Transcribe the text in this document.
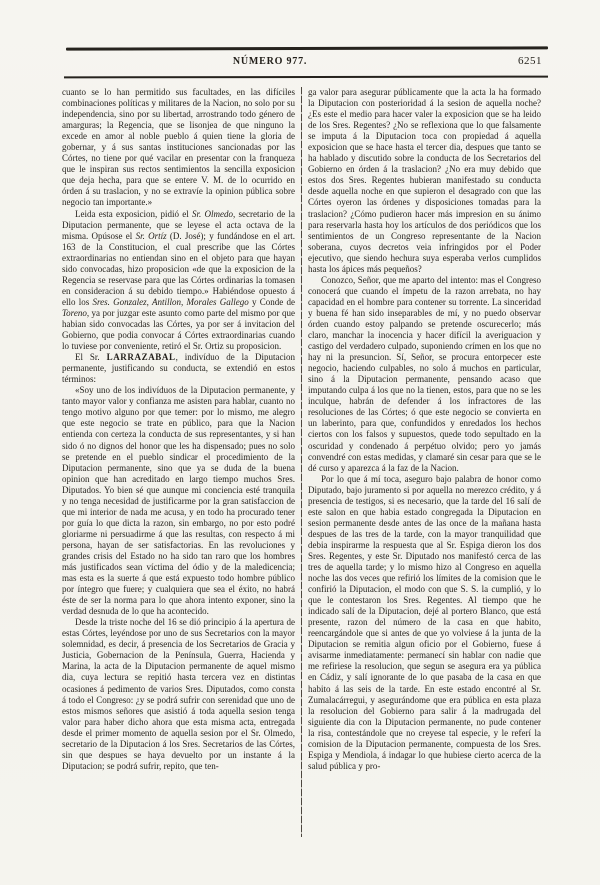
NÚMERO 977.	6251

cuanto se lo han permitido sus facultades, en las difíciles combinaciones políticas y militares de la Nacion, no solo por su independencia, sino por su libertad, arrostrando todo género de amarguras; la Regencia, que se lisonjea de que ninguno la excede en amor al noble pueblo á quien tiene la gloria de gobernar, y á sus santas instituciones sancionadas por las Córtes, no tiene por qué vacilar en presentar con la franqueza que le inspiran sus rectos sentimientos la sencilla exposicion que deja hecha, para que se entere V. M. de lo ocurrido en órden á su traslacion, y no se extravíe la opinion pública sobre negocio tan importante.»

Leida esta exposicion, pidió el Sr. Olmedo, secretario de la Diputacion permanente, que se leyese el acta octava de la misma. Opúsose el Sr. Ortíz (D. José); y fundándose en el art. 163 de la Constitucion, el cual prescribe que las Córtes extraordinarias no entiendan sino en el objeto para que hayan sido convocadas, hizo proposicion «de que la exposicion de la Regencia se reservase para que las Córtes ordinarias la tomasen en consideracion á su debido tiempo.» Habiéndose opuesto á ello los Sres. Gonzalez, Antillon, Morales Gallego y Conde de Toreno, ya por juzgar este asunto como parte del mismo por que habian sido convocadas las Córtes, ya por ser á invitacion del Gobierno, que podia convocar á Córtes extraordinarias cuando lo tuviese por conveniente, retiró el Sr. Ortiz su proposicion.

El Sr. LARRAZABAL, indivíduo de la Diputacion permanente, justificando su conducta, se extendió en estos términos:

«Soy uno de los indivíduos de la Diputacion permanente, y tanto mayor valor y confianza me asisten para hablar, cuanto no tengo motivo alguno por que temer: por lo mismo, me alegro que este negocio se trate en público, para que la Nacion entienda con certeza la conducta de sus representantes, y si han sido ó no dignos del honor que les ha dispensado; pues no solo se pretende en el pueblo sindicar el procedimiento de la Diputacion permanente, sino que ya se duda de la buena opinion que han acreditado en largo tiempo muchos Sres. Diputados. Yo bien sé que aunque mi conciencia esté tranquila y no tenga necesidad de justificarme por la gran satisfaccion de que mi interior de nada me acusa, y en todo ha procurado tener por guía lo que dicta la razon, sin embargo, no por esto podré gloriarme ni persuadirme á que las resultas, con respecto á mi persona, hayan de ser satisfactorias. En las revoluciones y grandes crisis del Estado no ha sido tan raro que los hombres más justificados sean víctima del ódio y de la maledicencia; mas esta es la suerte á que está expuesto todo hombre público por íntegro que fuere; y cualquiera que sea el éxito, no habrá éste de ser la norma para lo que ahora intento exponer, sino la verdad desnuda de lo que ha acontecido.

Desde la triste noche del 16 se dió principio á la apertura de estas Córtes, leyéndose por uno de sus Secretarios con la mayor solemnidad, es decir, á presencia de los Secretarios de Gracia y Justicia, Gobernacion de la Península, Guerra, Hacienda y Marina, la acta de la Diputacion permanente de aquel mismo dia, cuya lectura se repitió hasta tercera vez en distintas ocasiones á pedimento de varios Sres. Diputados, como consta á todo el Congreso: ¿y se podrá sufrir con serenidad que uno de estos mismos señores que asistió á toda aquella sesion tenga valor para haber dicho ahora que esta misma acta, entregada desde el primer momento de aquella sesion por el Sr. Olmedo, secretario de la Diputacion á los Sres. Secretarios de las Córtes, sin que despues se haya devuelto por un instante á la Diputacion; se podrá sufrir, repito, que ten-

ga valor para asegurar públicamente que la acta la ha formado la Diputacion con posterioridad á la sesion de aquella noche? ¿Es este el medio para hacer valer la exposicion que se ha leido de los Sres. Regentes? ¿No se reflexiona que lo que falsamente se imputa á la Diputacion toca con propiedad á aquella exposicion que se hace hasta el tercer dia, despues que tanto se ha hablado y discutido sobre la conducta de los Secretarios del Gobierno en órden á la traslacion? ¿No era muy debido que estos dos Sres. Regentes hubieran manifestado su conducta desde aquella noche en que supieron el desagrado con que las Córtes oyeron las órdenes y disposiciones tomadas para la traslacion? ¿Cómo pudieron hacer más impresion en su ánimo para reservarla hasta hoy los artículos de dos periódicos que los sentimientos de un Congreso representante de la Nacion soberana, cuyos decretos veia infringidos por el Poder ejecutivo, que siendo hechura suya esperaba verlos cumplidos hasta los ápices más pequeños?

Conozco, Señor, que me aparto del intento: mas el Congreso conocerá que cuando el ímpetu de la razon arrebata, no hay capacidad en el hombre para contener su torrente. La sinceridad y buena fé han sido inseparables de mí, y no puedo observar órden cuando estoy palpando se pretende oscurecerlo; más claro, manchar la inocencia y hacer difícil la averiguacion y castigo del verdadero culpado, suponiendo crímen en los que no hay ni la presuncion. Sí, Señor, se procura entorpecer este negocio, haciendo culpables, no solo á muchos en particular, sino á la Diputacion permanente, pensando acaso que imputando culpa á los que no la tienen, estos, para que no se les inculque, habrán de defender á los infractores de las resoluciones de las Córtes; ó que este negocio se convierta en un laberinto, para que, confundidos y enredados los hechos ciertos con los falsos y supuestos, quede todo sepultado en la oscuridad y condenado á perpétuo olvido; pero yo jamás convendré con estas medidas, y clamaré sin cesar para que se le dé curso y aparezca á la faz de la Nacion.

Por lo que á mí toca, aseguro bajo palabra de honor como Diputado, bajo juramento si por aquella no merezco crédito, y á presencia de testigos, si es necesario, que la tarde del 16 salí de este salon en que habia estado congregada la Diputacion en sesion permanente desde antes de las once de la mañana hasta despues de las tres de la tarde, con la mayor tranquilidad que debia inspirarme la respuesta que al Sr. Espiga dieron los dos Sres. Regentes, y este Sr. Diputado nos manifestó cerca de las tres de aquella tarde; y lo mismo hizo al Congreso en aquella noche las dos veces que refirió los límites de la comision que le confirió la Diputacion, el modo con que S. S. la cumplió, y lo que le contestaron los Sres. Regentes. Al tiempo que he indicado salí de la Diputacion, dejé al portero Blanco, que está presente, razon del número de la casa en que habito, reencargándole que si antes de que yo volviese á la junta de la Diputacion se remitia algun oficio por el Gobierno, fuese á avisarme inmediatamente: permanecí sin hablar con nadie que me refiriese la resolucion, que segun se asegura era ya pública en Cádiz, y salí ignorante de lo que pasaba de la casa en que habito á las seis de la tarde. En este estado encontré al Sr. Zumalacárregui, y asegurándome que era pública en esta plaza la resolucion del Gobierno para salir á la madrugada del siguiente dia con la Diputacion permanente, no pude contener la risa, contestándole que no creyese tal especie, y le referí la comision de la Diputacion permanente, compuesta de los Sres. Espiga y Mendiola, á indagar lo que hubiese cierto acerca de la salud pública y pro-
